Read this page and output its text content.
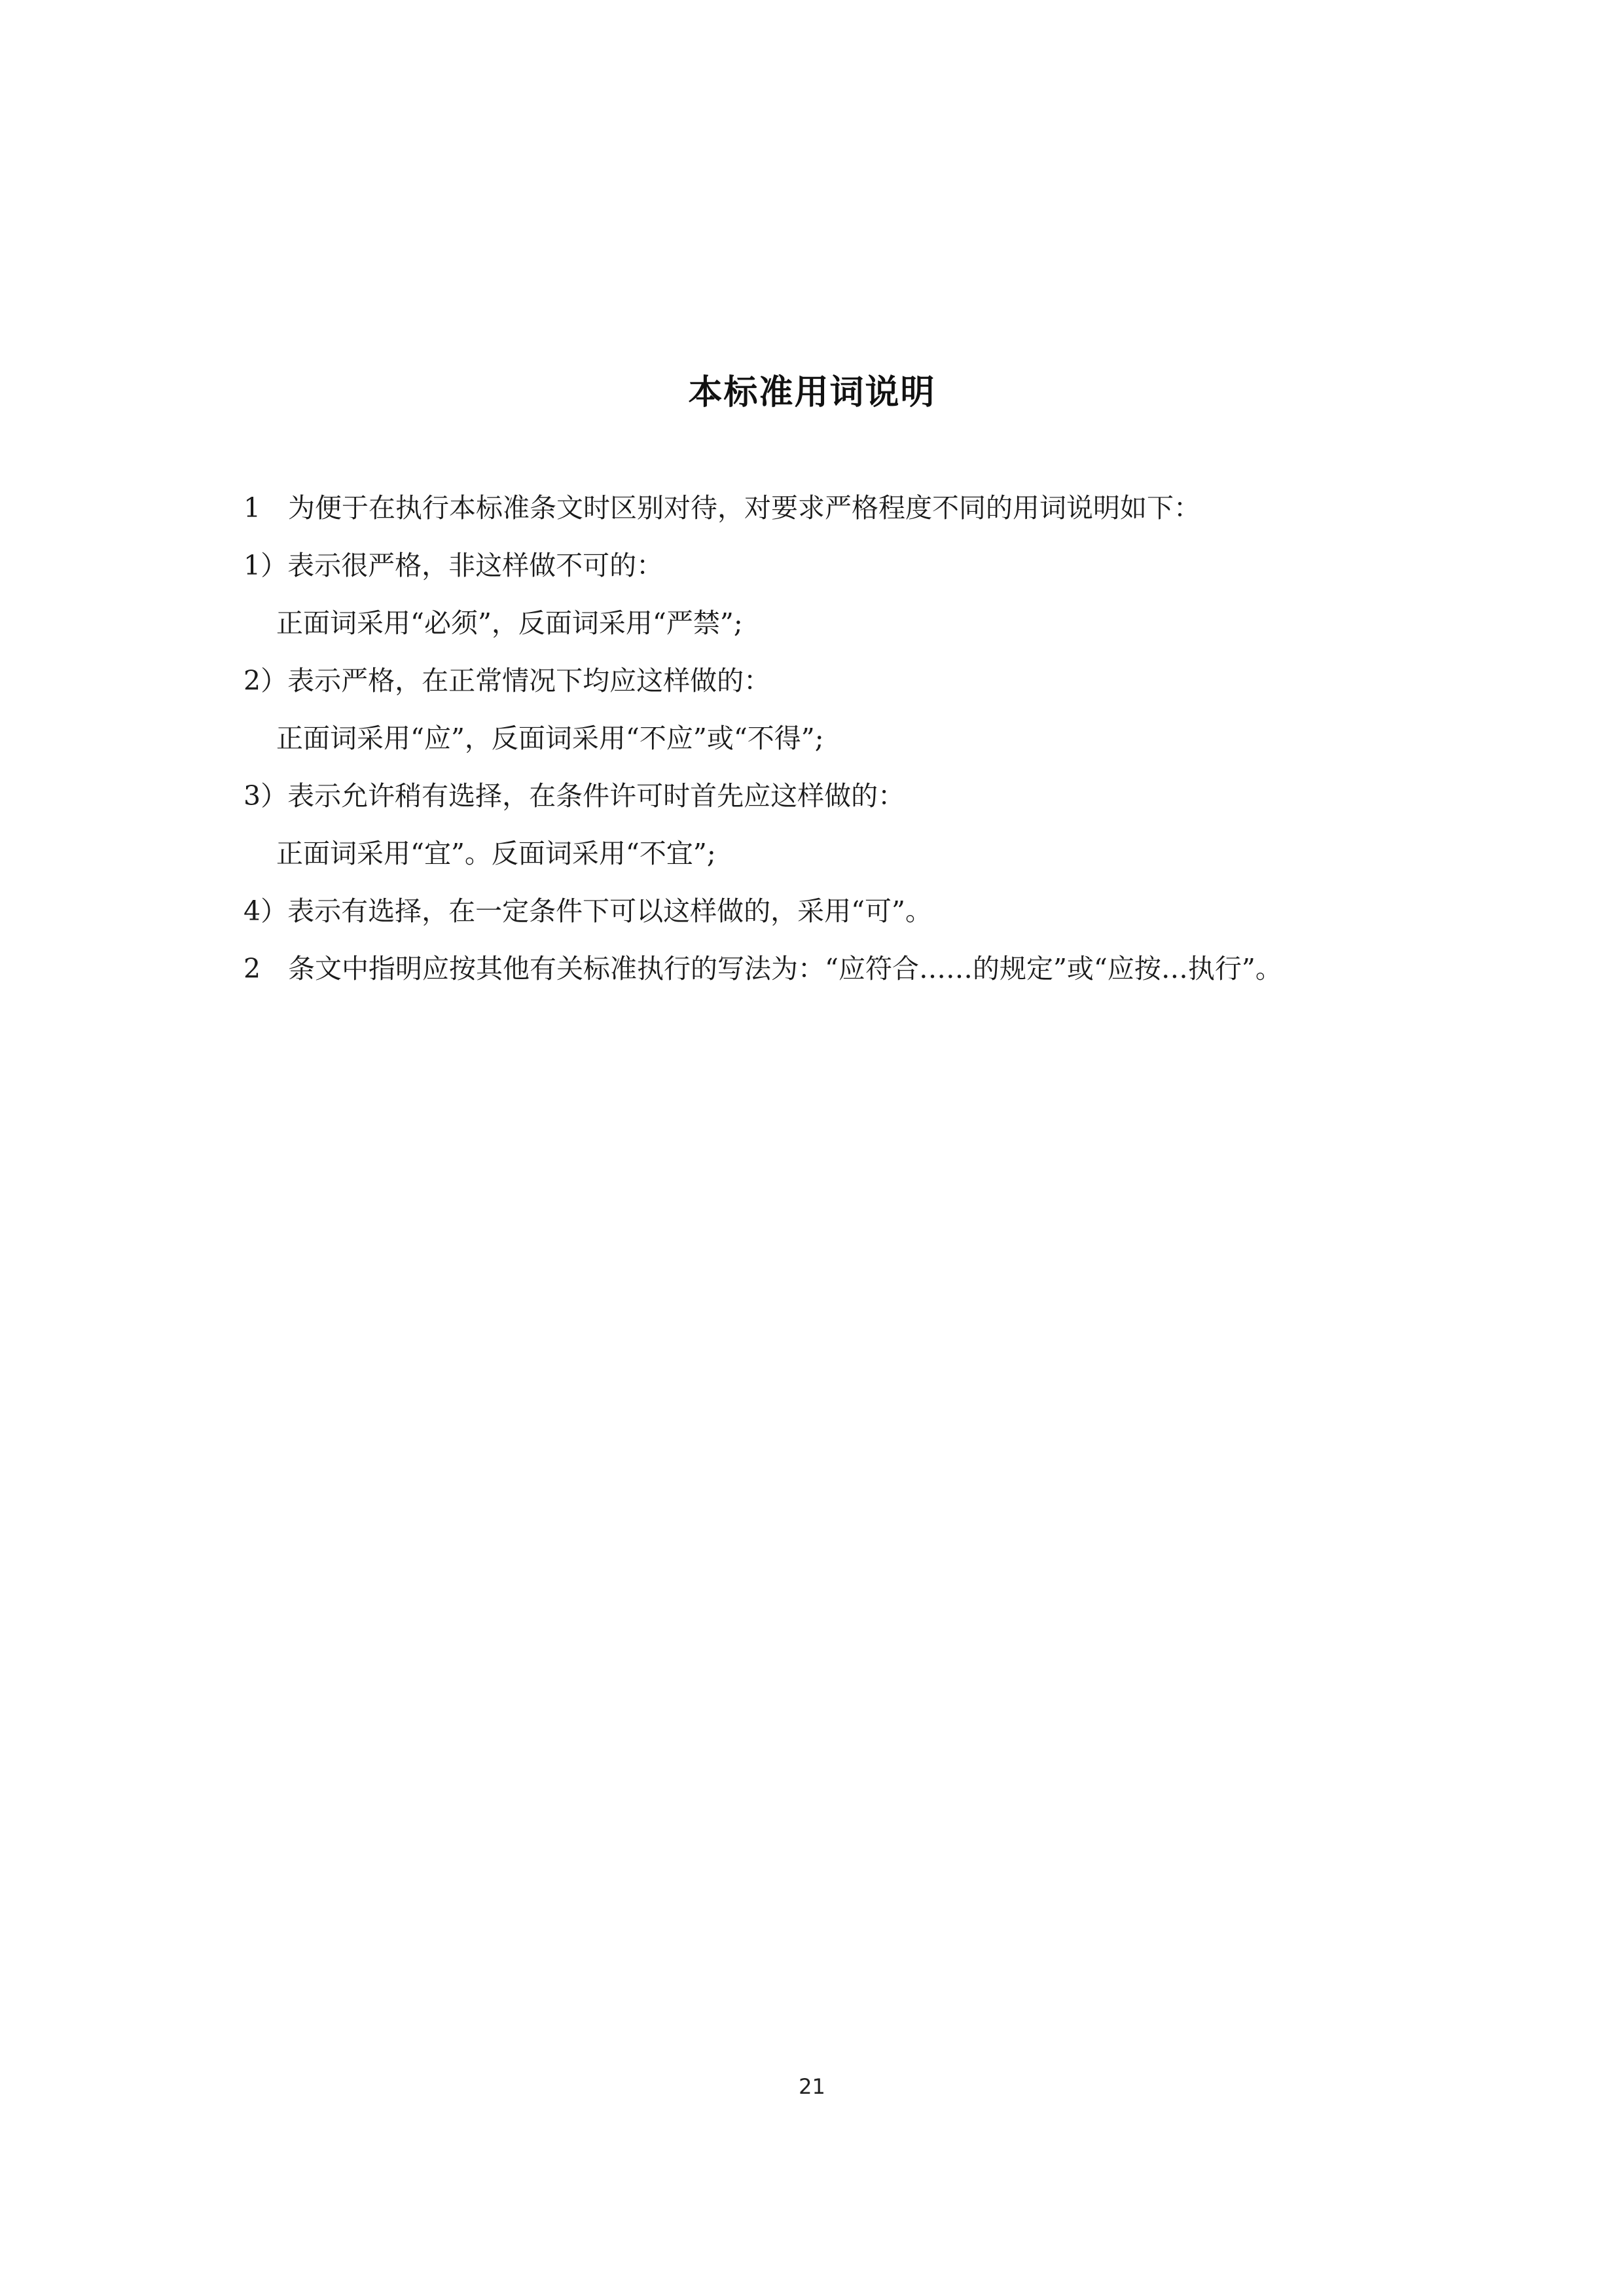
本标准用词说明
1 为便于在执行本标准条文时区别对待，对要求严格程度不同的用词说明如下：
1）表示很严格，非这样做不可的：
正面词采用“必须”，反面词采用“严禁”;
2）表示严格，在正常情况下均应这样做的：
正面词采用“应”，反面词采用“不应”或“不得”;
3）表示允许稍有选择，在条件许可时首先应这样做的：
正面词采用“宜”。反面词采用“不宜”;
4）表示有选择，在一定条件下可以这样做的，采用“可”。
2 条文中指明应按其他有关标准执行的写法为：“应符合……的规定”或“应按…执行”。
21
